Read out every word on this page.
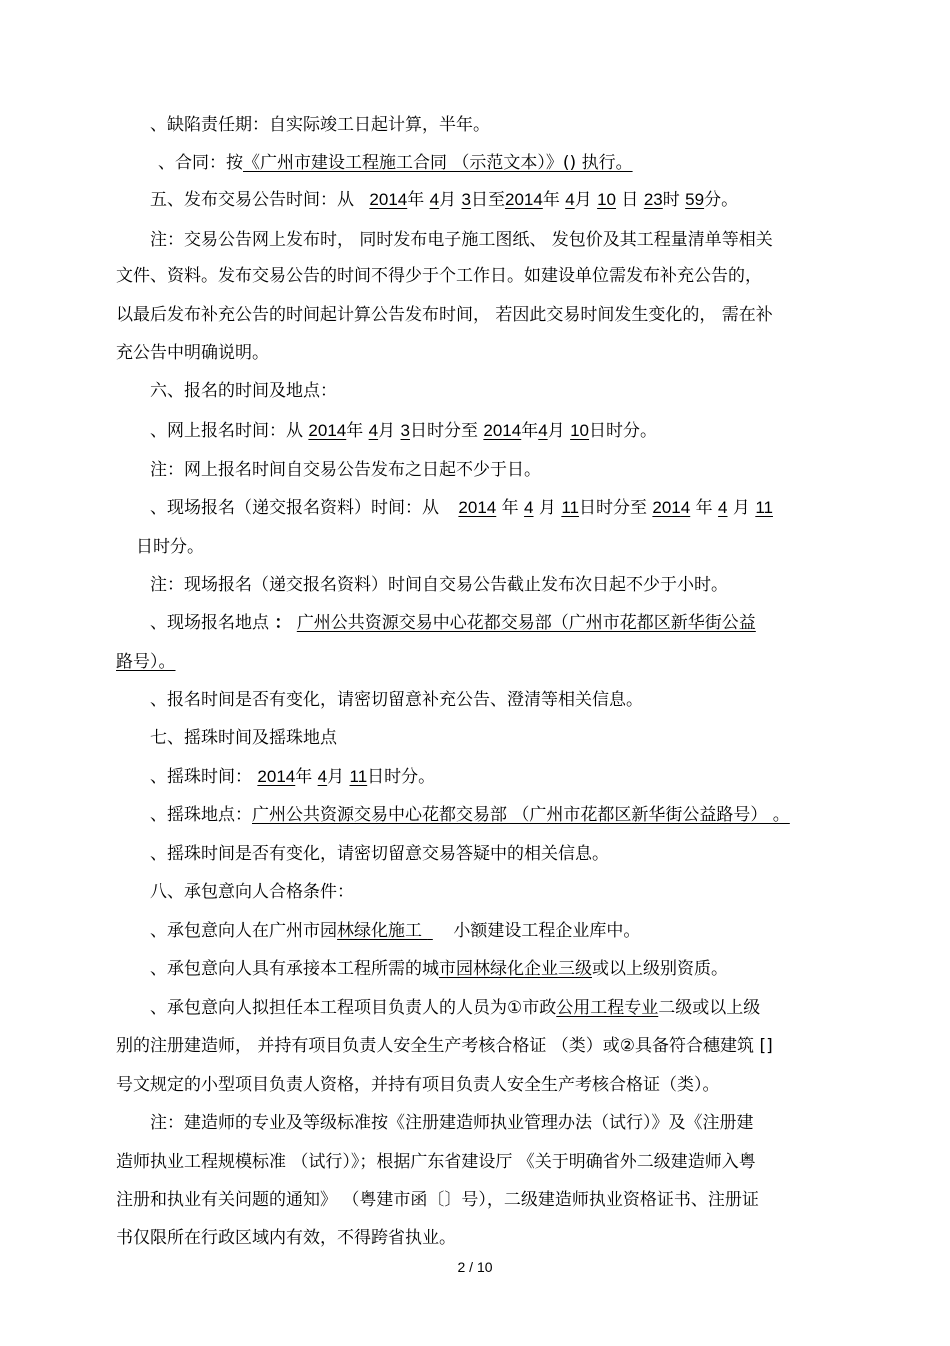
、缺陷责任期：自实际竣工日起计算，半年。
、合同：按《广州市建设工程施工合同 （示范文本）》() 执行。
五、发布交易公告时间：从 2014年 4月 3日至2014年 4月 10 日 23时 59分。
注：交易公告网上发布时， 同时发布电子施工图纸、 发包价及其工程量清单等相关
文件、资料。发布交易公告的时间不得少于个工作日。如建设单位需发布补充公告的，
以最后发布补充公告的时间起计算公告发布时间， 若因此交易时间发生变化的， 需在补
充公告中明确说明。
六、报名的时间及地点：
、网上报名时间：从 2014年 4月 3日时分至 2014年4月 10日时分。
注：网上报名时间自交易公告发布之日起不少于日。
、现场报名（递交报名资料）时间：从 2014 年 4 月 11日时分至 2014 年 4 月 11
日时分。
注：现场报名（递交报名资料）时间自交易公告截止发布次日起不少于小时。
、现场报名地点 ： 广州公共资源交易中心花都交易部（广州市花都区新华街公益
路号）。
、报名时间是否有变化，请密切留意补充公告、澄清等相关信息。
七、摇珠时间及摇珠地点
、摇珠时间： 2014年 4月 11日时分。
、摇珠地点：广州公共资源交易中心花都交易部 （广州市花都区新华街公益路号） 。
、摇珠时间是否有变化，请密切留意交易答疑中的相关信息。
八、承包意向人合格条件：
、承包意向人在广州市园林绿化施工  小额建设工程企业库中。
、承包意向人具有承接本工程所需的城市园林绿化企业三级或以上级别资质。
、承包意向人拟担任本工程项目负责人的人员为①市政公用工程专业二级或以上级
别的注册建造师， 并持有项目负责人安全生产考核合格证 （类）或②具备符合穗建筑 []
号文规定的小型项目负责人资格，并持有项目负责人安全生产考核合格证（类）。
注：建造师的专业及等级标准按《注册建造师执业管理办法（试行）》及《注册建
造师执业工程规模标准 （试行）》；根据广东省建设厅 《关于明确省外二级建造师入粤
注册和执业有关问题的通知》 （粤建市函〔〕号），二级建造师执业资格证书、注册证
书仅限所在行政区域内有效，不得跨省执业。
2 / 10
